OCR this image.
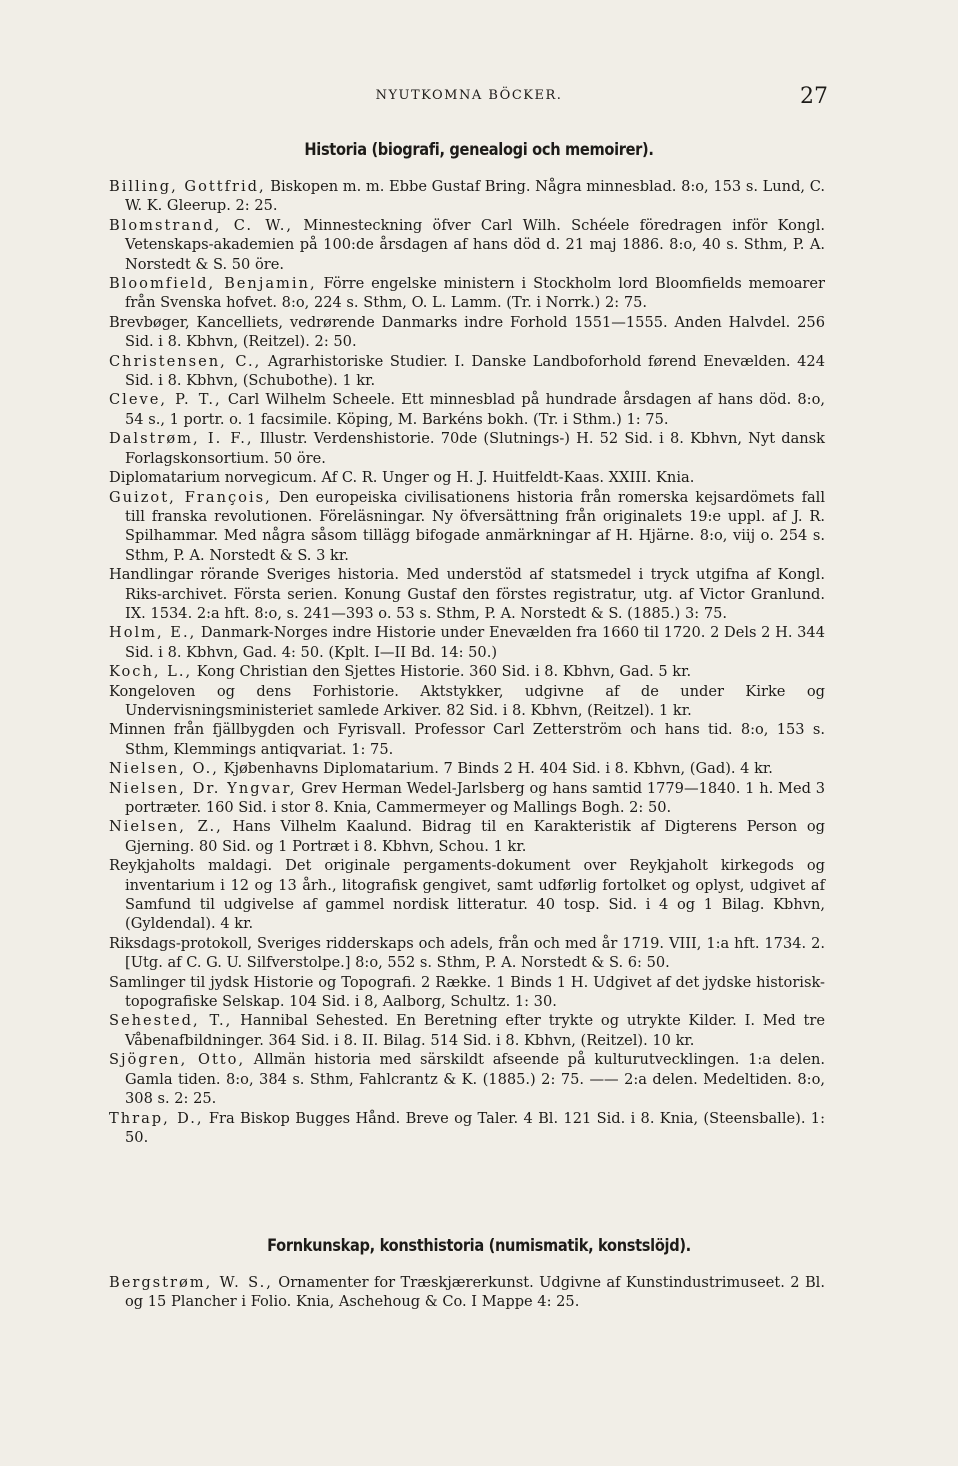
NYUTKOMNA BÖCKER.	27
Historia (biografi, genealogi och memoirer).

Billing, Gottfrid, Biskopen m. m. Ebbe Gustaf Bring. Några minnesblad. 8:o, 153 s. Lund, C. W. K. Gleerup. 2: 25.

Blomstrand, C. W., Minnesteckning öfver Carl Wilh. Schéele föredragen inför Kongl. Vetenskaps-akademien på 100:de årsdagen af hans död d. 21 maj 1886. 8:o, 40 s. Sthm, P. A. Norstedt & S. 50 öre.

Bloomfield, Benjamin, Förre engelske ministern i Stockholm lord Bloomfields memoarer från Svenska hofvet. 8:o, 224 s. Sthm, O. L. Lamm. (Tr. i Norrk.) 2: 75.

Brevbøger, Kancelliets, vedrørende Danmarks indre Forhold 1551—1555. Anden Halvdel. 256 Sid. i 8. Kbhvn, (Reitzel). 2: 50.

Christensen, C., Agrarhistoriske Studier. I. Danske Landboforhold førend Enevælden. 424 Sid. i 8. Kbhvn, (Schubothe). 1 kr.

Cleve, P. T., Carl Wilhelm Scheele. Ett minnesblad på hundrade årsdagen af hans död. 8:o, 54 s., 1 portr. o. 1 facsimile. Köping, M. Barkéns bokh. (Tr. i Sthm.) 1: 75.

Dalstrøm, I. F., Illustr. Verdenshistorie. 70de (Slutnings-) H. 52 Sid. i 8. Kbhvn, Nyt dansk Forlagskonsortium. 50 öre.

Diplomatarium norvegicum. Af C. R. Unger og H. J. Huitfeldt-Kaas. XXIII. Knia.

Guizot, François, Den europeiska civilisationens historia från romerska kejsardömets fall till franska revolutionen. Föreläsningar. Ny öfversättning från originalets 19:e uppl. af J. R. Spilhammar. Med några såsom tillägg bifogade anmärkningar af H. Hjärne. 8:o, viij o. 254 s. Sthm, P. A. Norstedt & S. 3 kr.

Handlingar rörande Sveriges historia. Med understöd af statsmedel i tryck utgifna af Kongl. Riks-archivet. Första serien. Konung Gustaf den förstes registratur, utg. af Victor Granlund. IX. 1534. 2:a hft. 8:o, s. 241—393 o. 53 s. Sthm, P. A. Norstedt & S. (1885.) 3: 75.

Holm, E., Danmark-Norges indre Historie under Enevælden fra 1660 til 1720. 2 Dels 2 H. 344 Sid. i 8. Kbhvn, Gad. 4: 50. (Kplt. I—II Bd. 14: 50.)

Koch, L., Kong Christian den Sjettes Historie. 360 Sid. i 8. Kbhvn, Gad. 5 kr.

Kongeloven og dens Forhistorie. Aktstykker, udgivne af de under Kirke og Undervisningsministeriet samlede Arkiver. 82 Sid. i 8. Kbhvn, (Reitzel). 1 kr.

Minnen från fjällbygden och Fyrisvall. Professor Carl Zetterström och hans tid. 8:o, 153 s. Sthm, Klemmings antiqvariat. 1: 75.

Nielsen, O., Kjøbenhavns Diplomatarium. 7 Binds 2 H. 404 Sid. i 8. Kbhvn, (Gad). 4 kr.

Nielsen, Dr. Yngvar, Grev Herman Wedel-Jarlsberg og hans samtid 1779—1840. 1 h. Med 3 portræter. 160 Sid. i stor 8. Knia, Cammermeyer og Mallings Bogh. 2: 50.

Nielsen, Z., Hans Vilhelm Kaalund. Bidrag til en Karakteristik af Digterens Person og Gjerning. 80 Sid. og 1 Portræt i 8. Kbhvn, Schou. 1 kr.

Reykjaholts maldagi. Det originale pergaments-dokument over Reykjaholt kirkegods og inventarium i 12 og 13 årh., litografisk gengivet, samt udførlig fortolket og oplyst, udgivet af Samfund til udgivelse af gammel nordisk litteratur. 40 tosp. Sid. i 4 og 1 Bilag. Kbhvn, (Gyldendal). 4 kr.

Riksdags-protokoll, Sveriges ridderskaps och adels, från och med år 1719. VIII, 1:a hft. 1734. 2. [Utg. af C. G. U. Silfverstolpe.] 8:o, 552 s. Sthm, P. A. Norstedt & S. 6: 50.

Samlinger til jydsk Historie og Topografi. 2 Række. 1 Binds 1 H. Udgivet af det jydske historisk-topografiske Selskap. 104 Sid. i 8, Aalborg, Schultz. 1: 30.

Sehested, T., Hannibal Sehested. En Beretning efter trykte og utrykte Kilder. I. Med tre Våbenafbildninger. 364 Sid. i 8. II. Bilag. 514 Sid. i 8. Kbhvn, (Reitzel). 10 kr.

Sjögren, Otto, Allmän historia med särskildt afseende på kulturutvecklingen. 1:a delen. Gamla tiden. 8:o, 384 s. Sthm, Fahlcrantz & K. (1885.) 2: 75. —— 2:a delen. Medeltiden. 8:o, 308 s. 2: 25.

Thrap, D., Fra Biskop Bugges Hånd. Breve og Taler. 4 Bl. 121 Sid. i 8. Knia, (Steensballe). 1: 50.

Fornkunskap, konsthistoria (numismatik, konstslöjd).

Bergstrøm, W. S., Ornamenter for Træskjærerkunst. Udgivne af Kunstindustrimuseet. 2 Bl. og 15 Plancher i Folio. Knia, Aschehoug & Co. I Mappe 4: 25.
